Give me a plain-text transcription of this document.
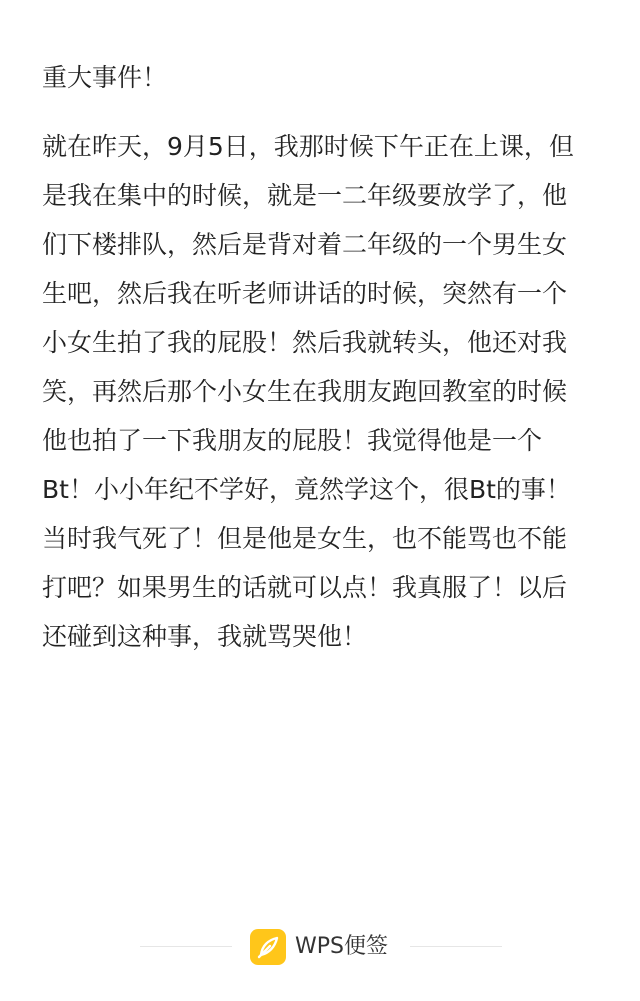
重大事件！
就在昨天，9月5日，我那时候下午正在上课，但
是我在集中的时候，就是一二年级要放学了，他
们下楼排队，然后是背对着二年级的一个男生女
生吧，然后我在听老师讲话的时候，突然有一个
小女生拍了我的屁股！然后我就转头，他还对我
笑，再然后那个小女生在我朋友跑回教室的时候
他也拍了一下我朋友的屁股！我觉得他是一个
Bt！小小年纪不学好，竟然学这个，很Bt的事！
当时我气死了！但是他是女生，也不能骂也不能
打吧？如果男生的话就可以点！我真服了！以后
还碰到这种事，我就骂哭他！
WPS便签
